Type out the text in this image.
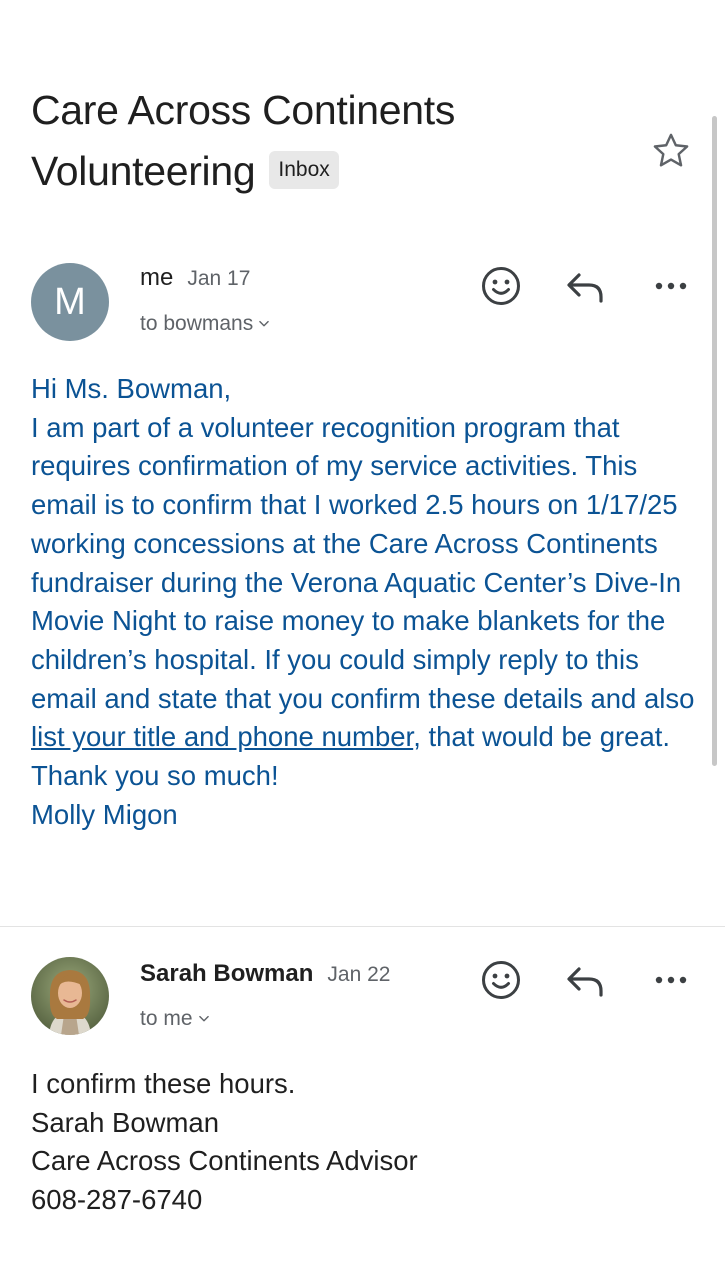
Care Across Continents Volunteering Inbox
M
me Jan 17
to bowmans
Hi Ms. Bowman,
I am part of a volunteer recognition program that requires confirmation of my service activities. This email is to confirm that I worked 2.5 hours on 1/17/25 working concessions at the Care Across Continents fundraiser during the Verona Aquatic Center’s Dive-In Movie Night to raise money to make blankets for the children’s hospital. If you could simply reply to this email and state that you confirm these details and also list your title and phone number, that would be great. Thank you so much!
Molly Migon
Sarah Bowman Jan 22
to me
I confirm these hours.
Sarah Bowman
Care Across Continents Advisor
608-287-6740
